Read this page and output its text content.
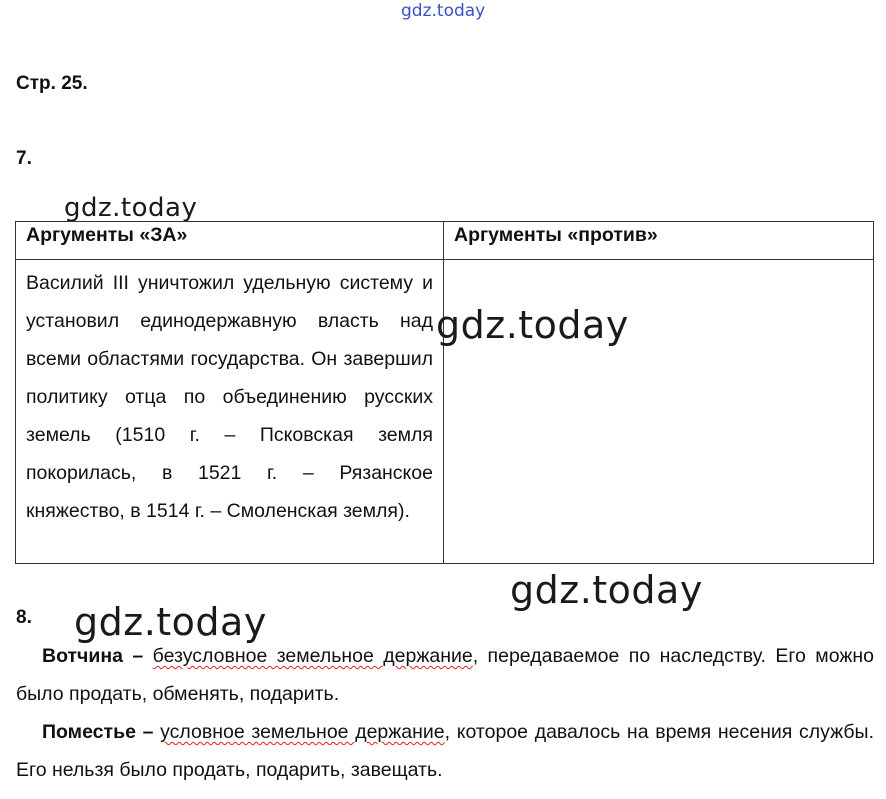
gdz.today
Стр. 25.
7.
gdz.today
Аргументы «ЗА»	Аргументы «против»
Василий III уничтожил удельную систему и установил единодержавную власть над всеми областями государства. Он завершил политику отца по объединению русских земель (1510 г. – Псковская земля покорилась, в 1521 г. – Рязанское княжество, в 1514 г. – Смоленская земля).	
gdz.today
gdz.today
8. gdz.today
Вотчина – безусловное земельное держание, передаваемое по наследству. Его можно было продать, обменять, подарить.
Поместье – условное земельное держание, которое давалось на время несения службы. Его нельзя было продать, подарить, завещать.
